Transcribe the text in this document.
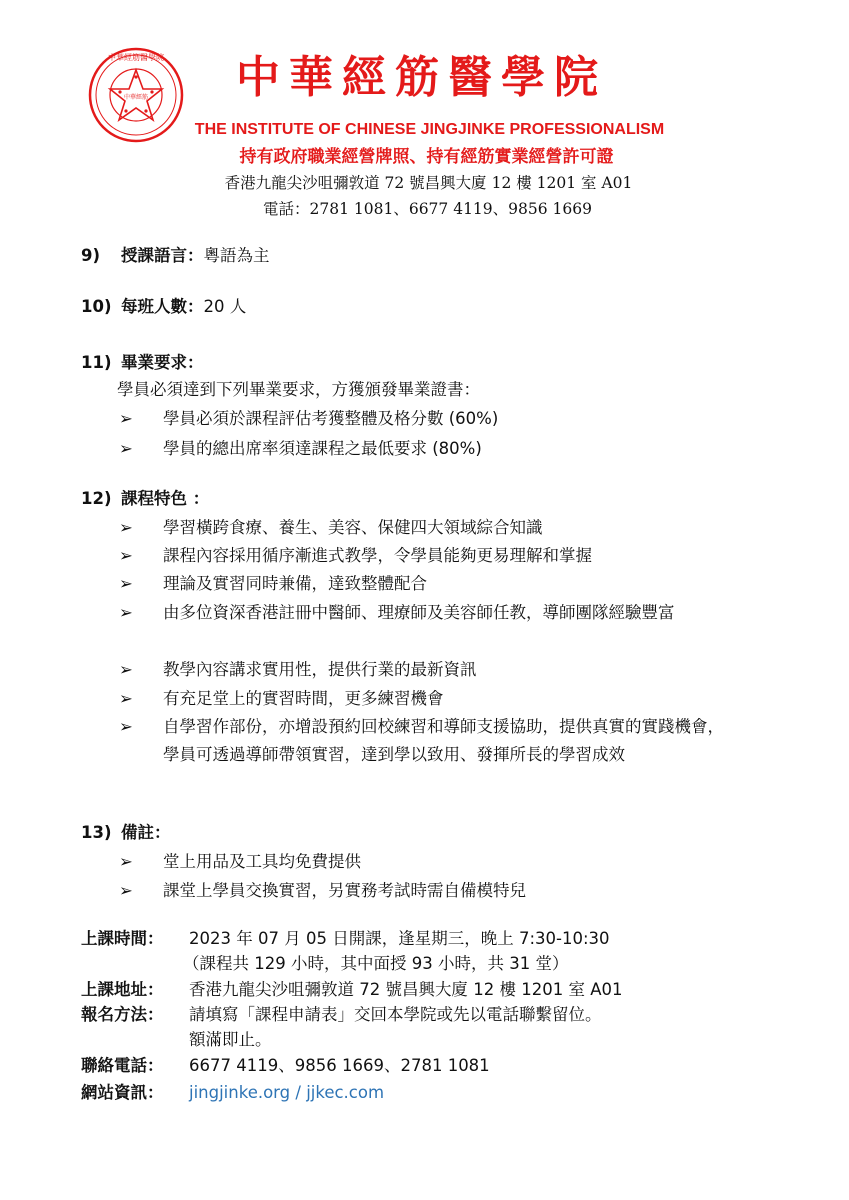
中華經筋醫學院
中華經筋 中華經筋醫學院
THE INSTITUTE OF CHINESE JINGJINKE PROFESSIONALISM
持有政府職業經營牌照、持有經筋實業經營許可證
香港九龍尖沙咀彌敦道 72 號昌興大廈 12 樓 1201 室 A01
電話：2781 1081、6677 4119、9856 1669
9) 授課語言：粵語為主
10) 每班人數：20 人
11) 畢業要求：
學員必須達到下列畢業要求，方獲頒發畢業證書：
➢ 學員必須於課程評估考獲整體及格分數 (60%)
➢ 學員的總出席率須達課程之最低要求 (80%)
12) 課程特色 ：
➢ 學習橫跨食療、養生、美容、保健四大領域綜合知識
➢ 課程內容採用循序漸進式教學，令學員能夠更易理解和掌握
➢ 理論及實習同時兼備，達致整體配合
➢ 由多位資深香港註冊中醫師、理療師及美容師任教，導師團隊經驗豐富
➢ 教學內容講求實用性，提供行業的最新資訊
➢ 有充足堂上的實習時間，更多練習機會
➢ 自學習作部份，亦增設預約回校練習和導師支援協助，提供真實的實踐機會，學員可透過導師帶領實習，達到學以致用、發揮所長的學習成效
13) 備註：
➢ 堂上用品及工具均免費提供
➢ 課堂上學員交換實習，另實務考試時需自備模特兒
上課時間： 2023 年 07 月 05 日開課，逢星期三，晚上 7:30-10:30
（課程共 129 小時，其中面授 93 小時，共 31 堂）
上課地址： 香港九龍尖沙咀彌敦道 72 號昌興大廈 12 樓 1201 室 A01
報名方法： 請填寫「課程申請表」交回本學院或先以電話聯繫留位。
額滿即止。
聯絡電話： 6677 4119、9856 1669、2781 1081
網站資訊： jingjinke.org / jjkec.com
